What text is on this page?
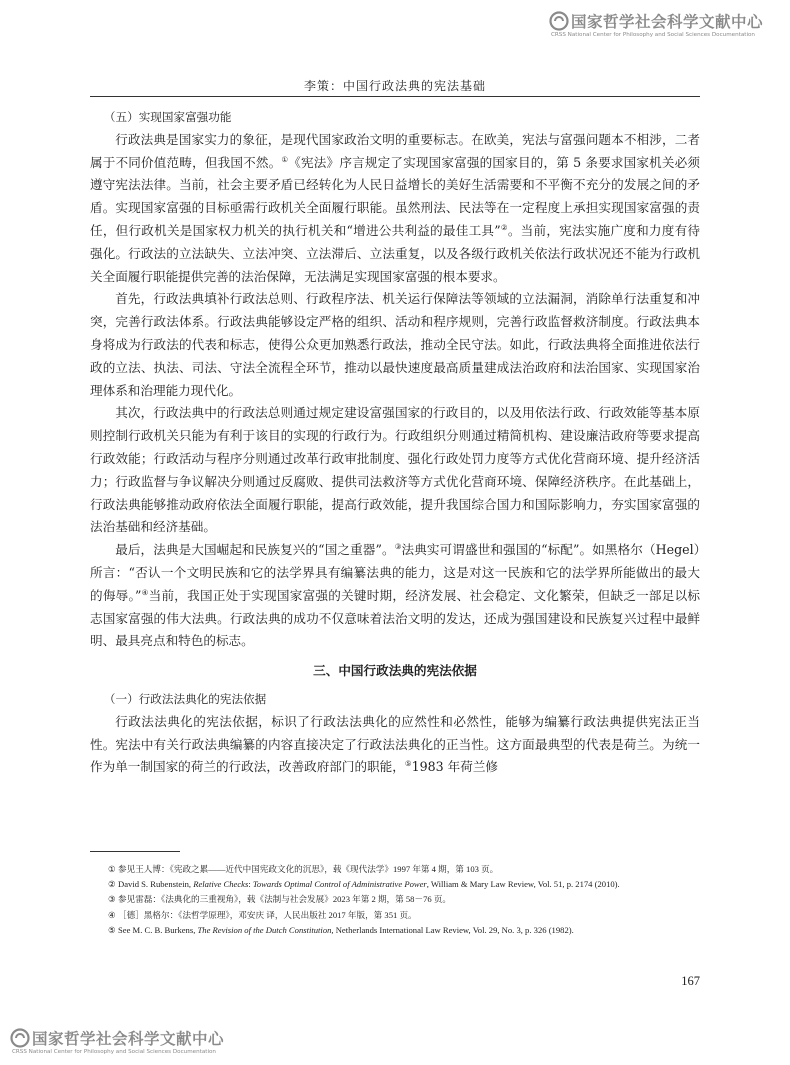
国家哲学社会科学文献中心
CRSS National Center for Philosophy and Social Sciences Documentation
李策：中国行政法典的宪法基础

（五）实现国家富强功能

行政法典是国家实力的象征，是现代国家政治文明的重要标志。在欧美，宪法与富强问题本不相涉，二者属于不同价值范畴，但我国不然。①《宪法》序言规定了实现国家富强的国家目的，第 5 条要求国家机关必须遵守宪法法律。当前，社会主要矛盾已经转化为人民日益增长的美好生活需要和不平衡不充分的发展之间的矛盾。实现国家富强的目标亟需行政机关全面履行职能。虽然刑法、民法等在一定程度上承担实现国家富强的责任，但行政机关是国家权力机关的执行机关和“增进公共利益的最佳工具”②。当前，宪法实施广度和力度有待强化。行政法的立法缺失、立法冲突、立法滞后、立法重复，以及各级行政机关依法行政状况还不能为行政机关全面履行职能提供完善的法治保障，无法满足实现国家富强的根本要求。

首先，行政法典填补行政法总则、行政程序法、机关运行保障法等领域的立法漏洞，消除单行法重复和冲突，完善行政法体系。行政法典能够设定严格的组织、活动和程序规则，完善行政监督救济制度。行政法典本身将成为行政法的代表和标志，使得公众更加熟悉行政法，推动全民守法。如此，行政法典将全面推进依法行政的立法、执法、司法、守法全流程全环节，推动以最快速度最高质量建成法治政府和法治国家、实现国家治理体系和治理能力现代化。

其次，行政法典中的行政法总则通过规定建设富强国家的行政目的，以及用依法行政、行政效能等基本原则控制行政机关只能为有利于该目的实现的行政行为。行政组织分则通过精简机构、建设廉洁政府等要求提高行政效能；行政活动与程序分则通过改革行政审批制度、强化行政处罚力度等方式优化营商环境、提升经济活力；行政监督与争议解决分则通过反腐败、提供司法救济等方式优化营商环境、保障经济秩序。在此基础上，行政法典能够推动政府依法全面履行职能，提高行政效能，提升我国综合国力和国际影响力，夯实国家富强的法治基础和经济基础。

最后，法典是大国崛起和民族复兴的“国之重器”。③法典实可谓盛世和强国的“标配”。如黑格尔（Hegel）所言：“否认一个文明民族和它的法学界具有编纂法典的能力，这是对这一民族和它的法学界所能做出的最大的侮辱。”④当前，我国正处于实现国家富强的关键时期，经济发展、社会稳定、文化繁荣，但缺乏一部足以标志国家富强的伟大法典。行政法典的成功不仅意味着法治文明的发达，还成为强国建设和民族复兴过程中最鲜明、最具亮点和特色的标志。

三、中国行政法典的宪法依据

（一）行政法法典化的宪法依据

行政法法典化的宪法依据，标识了行政法法典化的应然性和必然性，能够为编纂行政法典提供宪法正当性。宪法中有关行政法典编纂的内容直接决定了行政法法典化的正当性。这方面最典型的代表是荷兰。为统一作为单一制国家的荷兰的行政法，改善政府部门的职能，⑤1983 年荷兰修

① 参见王人博：《宪政之累——近代中国宪政文化的沉思》，载《现代法学》1997 年第 4 期，第 103 页。
② David S. Rubenstein, Relative Checks: Towards Optimal Control of Administrative Power, William & Mary Law Review, Vol. 51, p. 2174 (2010).
③ 参见雷磊：《法典化的三重视角》，载《法制与社会发展》2023 年第 2 期，第 58－76 页。
④ ［德］黑格尔：《法哲学原理》，邓安庆 译，人民出版社 2017 年版，第 351 页。
⑤ See M. C. B. Burkens, The Revision of the Dutch Constitution, Netherlands International Law Review, Vol. 29, No. 3, p. 326 (1982).
167
国家哲学社会科学文献中心
CRSS National Center for Philosophy and Social Sciences Documentation
